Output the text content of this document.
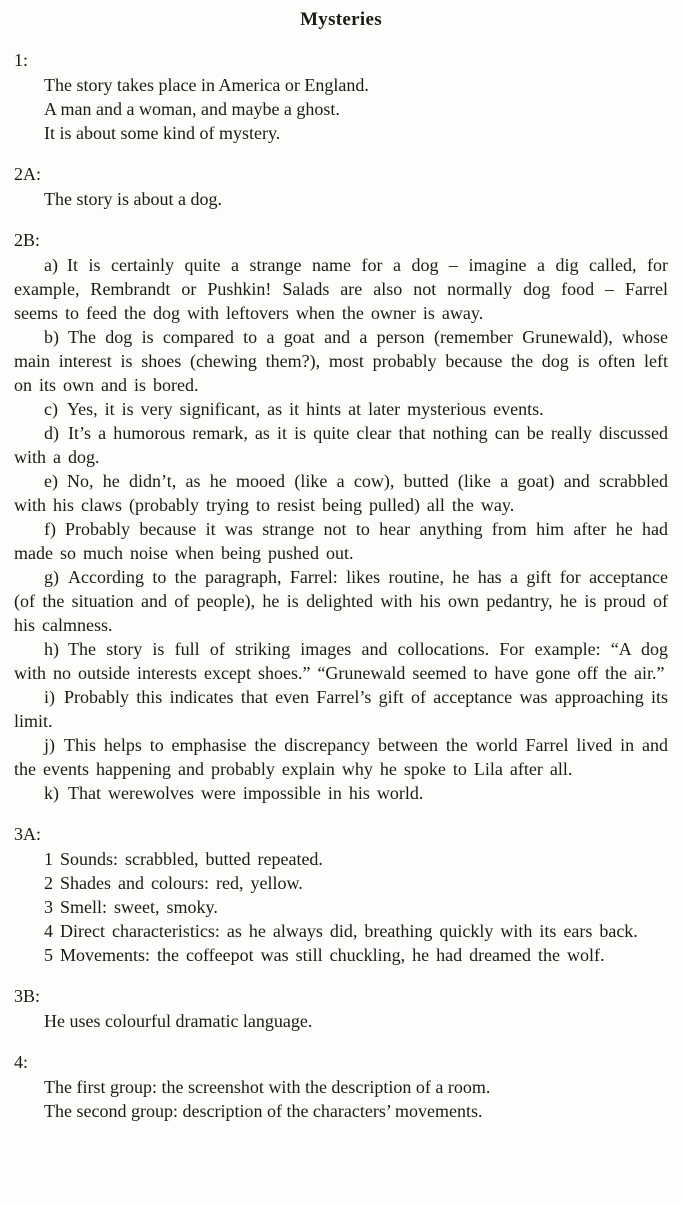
Mysteries
1:

The story takes place in America or England.

A man and a woman, and maybe a ghost.

It is about some kind of mystery.

2A:

The story is about a dog.

2B:

a) It is certainly quite a strange name for a dog – imagine a dig called, for example, Rembrandt or Pushkin! Salads are also not normally dog food – Farrel seems to feed the dog with leftovers when the owner is away.

b) The dog is compared to a goat and a person (remember Grunewald), whose main interest is shoes (chewing them?), most probably because the dog is often left on its own and is bored.

c) Yes, it is very significant, as it hints at later mysterious events.

d) It’s a humorous remark, as it is quite clear that nothing can be really discussed with a dog.

e) No, he didn’t, as he mooed (like a cow), butted (like a goat) and scrabbled with his claws (probably trying to resist being pulled) all the way.

f) Probably because it was strange not to hear anything from him after he had made so much noise when being pushed out.

g) According to the paragraph, Farrel: likes routine, he has a gift for acceptance (of the situation and of people), he is delighted with his own pedantry, he is proud of his calmness.

h) The story is full of striking images and collocations. For example: “A dog with no outside interests except shoes.” “Grunewald seemed to have gone off the air.”

i) Probably this indicates that even Farrel’s gift of acceptance was approaching its limit.

j) This helps to emphasise the discrepancy between the world Farrel lived in and the events happening and probably explain why he spoke to Lila after all.

k) That werewolves were impossible in his world.

3A:

1 Sounds: scrabbled, butted repeated.

2 Shades and colours: red, yellow.

3 Smell: sweet, smoky.

4 Direct characteristics: as he always did, breathing quickly with its ears back.

5 Movements: the coffeepot was still chuckling, he had dreamed the wolf.

3B:

He uses colourful dramatic language.

4:

The first group: the screenshot with the description of a room.

The second group: description of the characters’ movements.
